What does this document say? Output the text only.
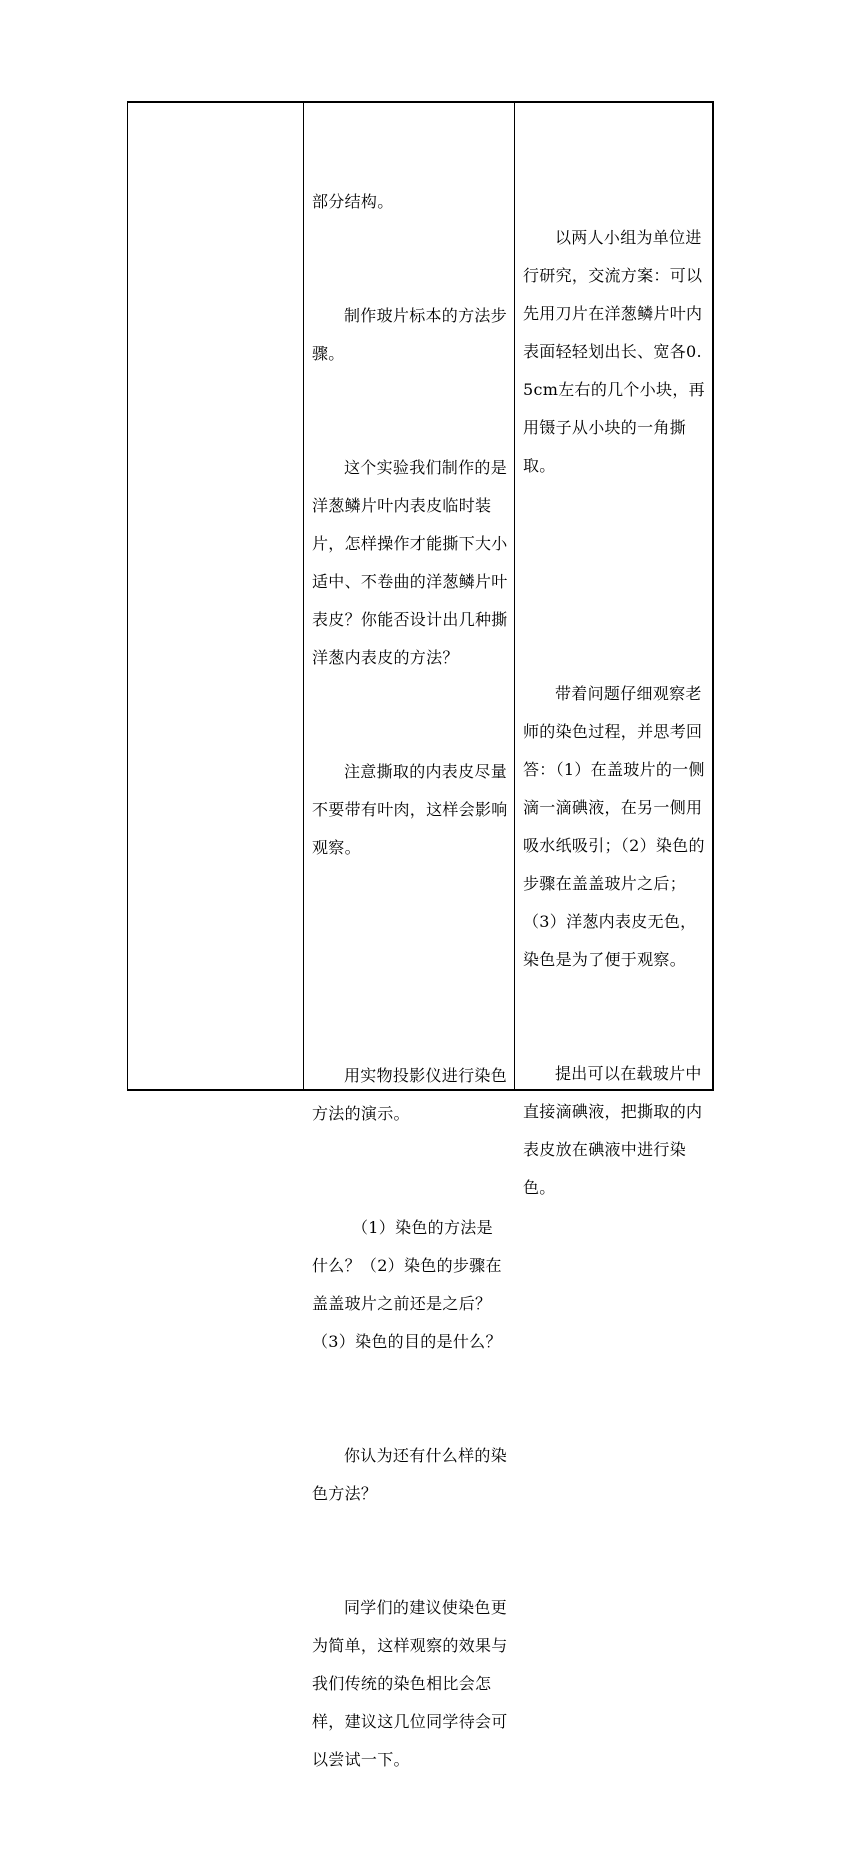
部分结构。

制作玻片标本的方法步骤。

这个实验我们制作的是洋葱鳞片叶内表皮临时装片，怎样操作才能撕下大小适中、不卷曲的洋葱鳞片叶表皮？你能否设计出几种撕洋葱内表皮的方法？

注意撕取的内表皮尽量不要带有叶肉，这样会影响观察。

用实物投影仪进行染色方法的演示。

（1）染色的方法是什么？（2）染色的步骤在盖盖玻片之前还是之后？（3）染色的目的是什么？

你认为还有什么样的染色方法？

同学们的建议使染色更为简单，这样观察的效果与我们传统的染色相比会怎样，建议这几位同学待会可以尝试一下。

以两人小组为单位进行研究，交流方案：可以先用刀片在洋葱鳞片叶内表面轻轻划出长、宽各0.5cm左右的几个小块，再用镊子从小块的一角撕取。

带着问题仔细观察老师的染色过程，并思考回答：（1）在盖玻片的一侧滴一滴碘液，在另一侧用吸水纸吸引；（2）染色的步骤在盖盖玻片之后；（3）洋葱内表皮无色，染色是为了便于观察。

提出可以在载玻片中直接滴碘液，把撕取的内表皮放在碘液中进行染色。
